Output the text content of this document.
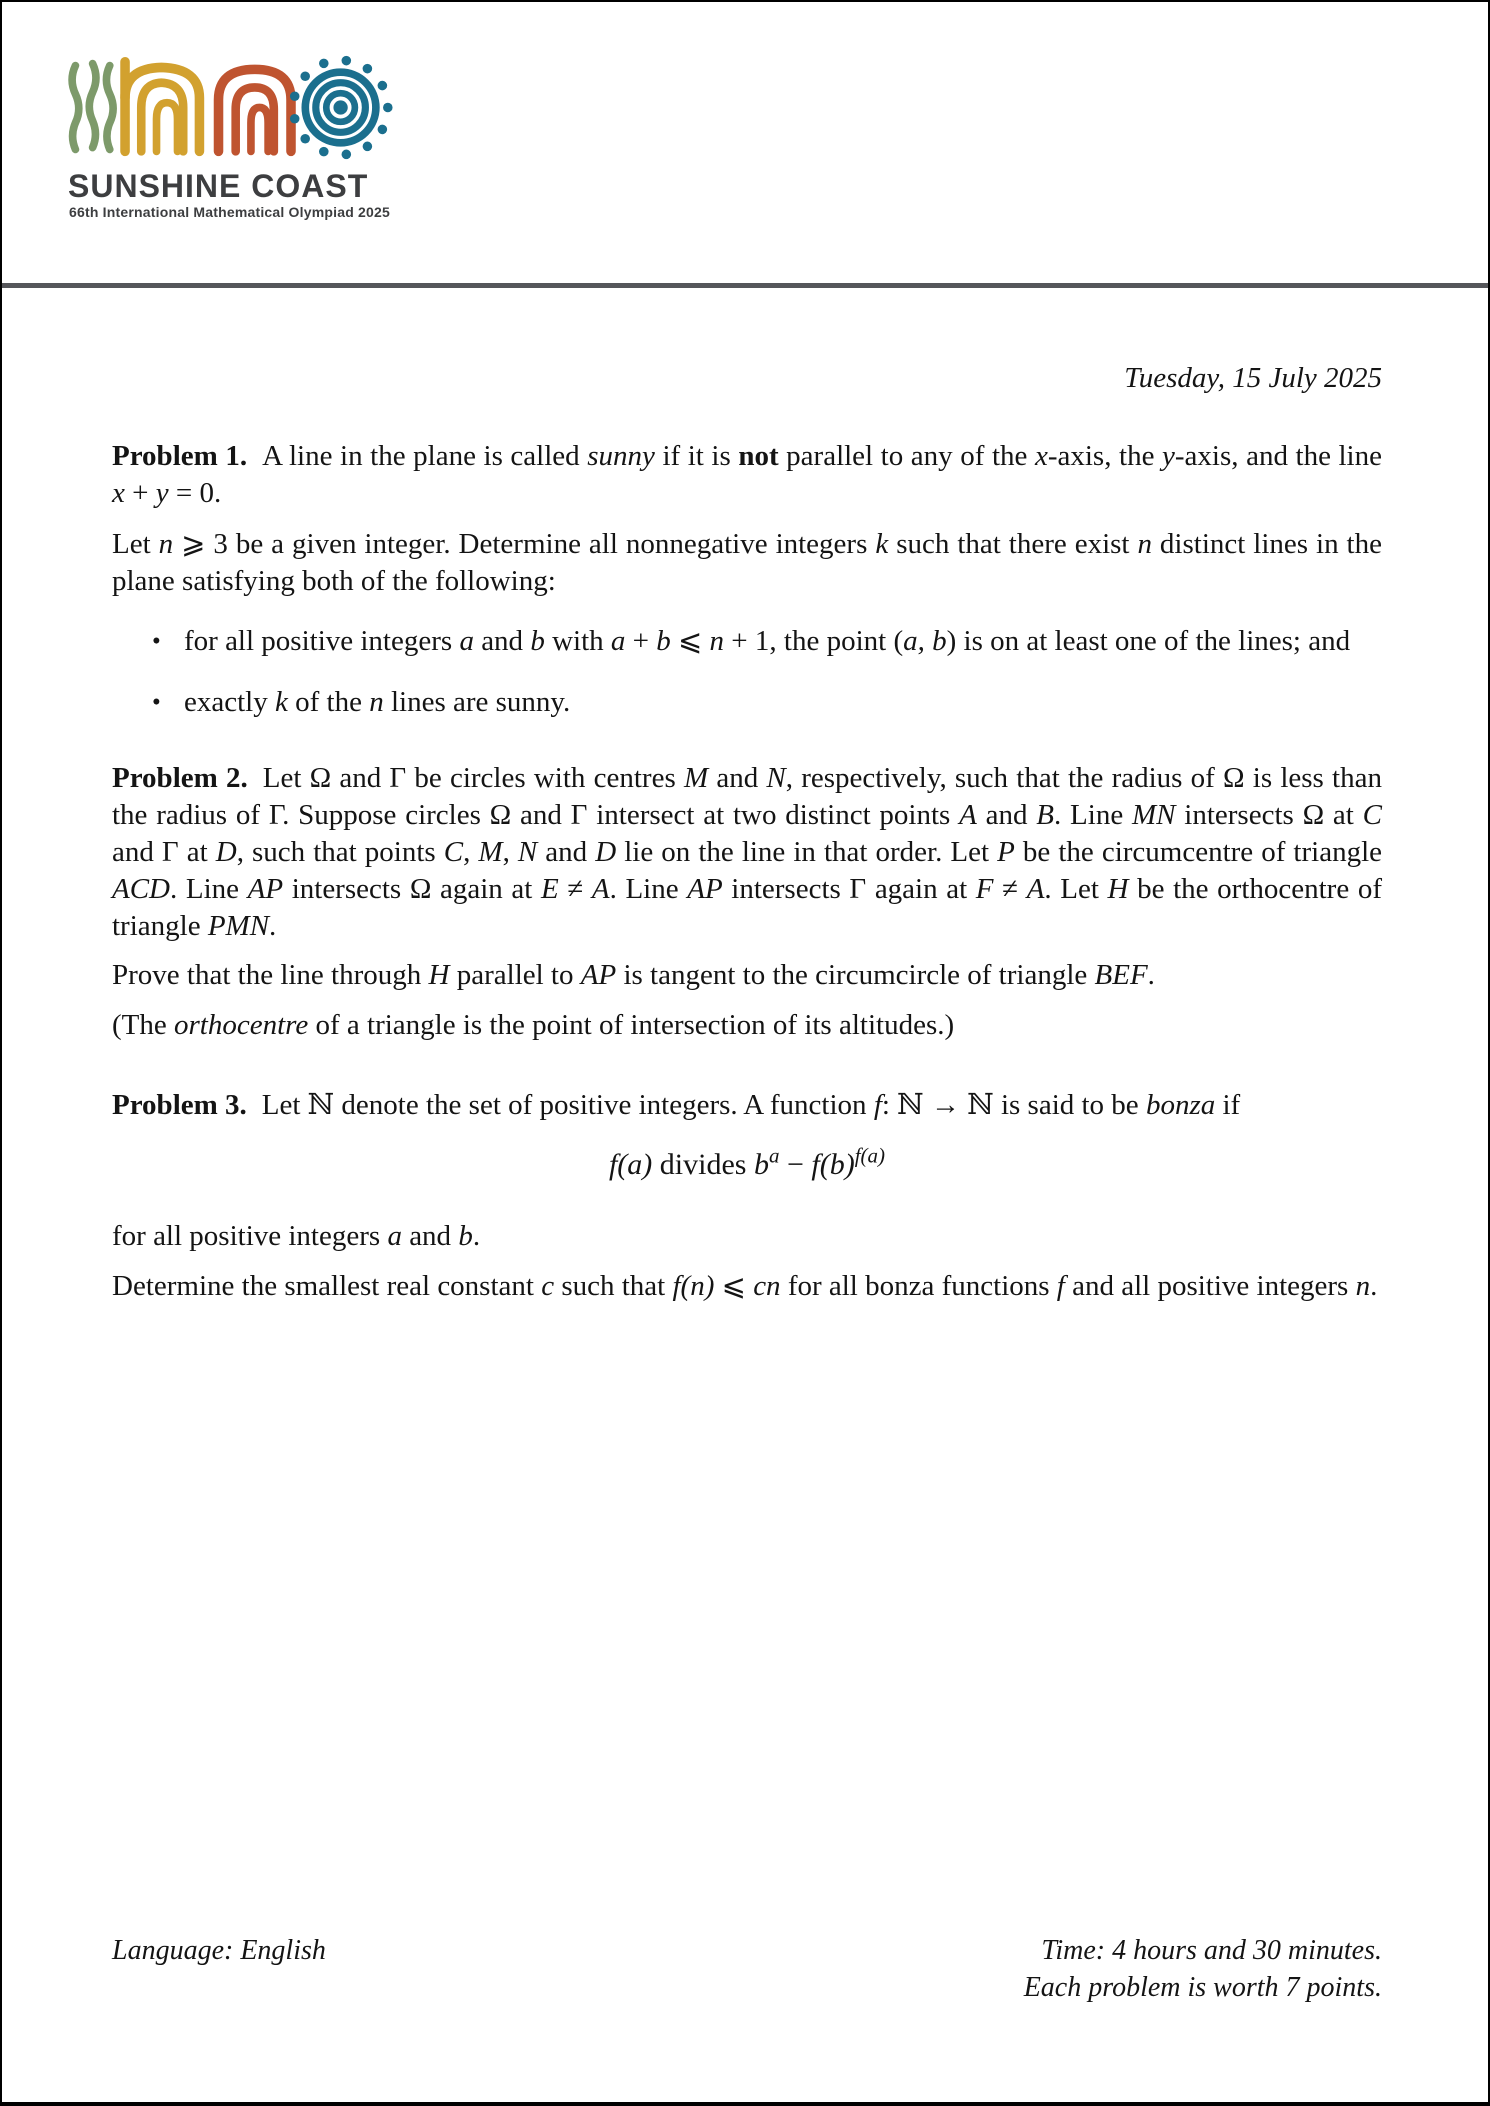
SUNSHINE COAST
66th International Mathematical Olympiad 2025
Tuesday, 15 July 2025
Problem 1. A line in the plane is called sunny if it is not parallel to any of the x-axis, the y-axis, and the line x + y = 0.
Let n ⩾ 3 be a given integer. Determine all nonnegative integers k such that there exist n distinct lines in the plane satisfying both of the following:
• for all positive integers a and b with a + b ⩽ n + 1, the point (a, b) is on at least one of the lines; and
• exactly k of the n lines are sunny.
Problem 2. Let Ω and Γ be circles with centres M and N, respectively, such that the radius of Ω is less than the radius of Γ. Suppose circles Ω and Γ intersect at two distinct points A and B. Line MN intersects Ω at C and Γ at D, such that points C, M, N and D lie on the line in that order. Let P be the circumcentre of triangle ACD. Line AP intersects Ω again at E ≠ A. Line AP intersects Γ again at F ≠ A. Let H be the orthocentre of triangle PMN.
Prove that the line through H parallel to AP is tangent to the circumcircle of triangle BEF.
(The orthocentre of a triangle is the point of intersection of its altitudes.)
Problem 3. Let ℕ denote the set of positive integers. A function f: ℕ → ℕ is said to be bonza if
f(a) divides $b^a - f(b)^{f(a)}$
for all positive integers a and b.
Determine the smallest real constant c such that f(n) ⩽ cn for all bonza functions f and all positive integers n.
Language: English	Time: 4 hours and 30 minutes.
Each problem is worth 7 points.
